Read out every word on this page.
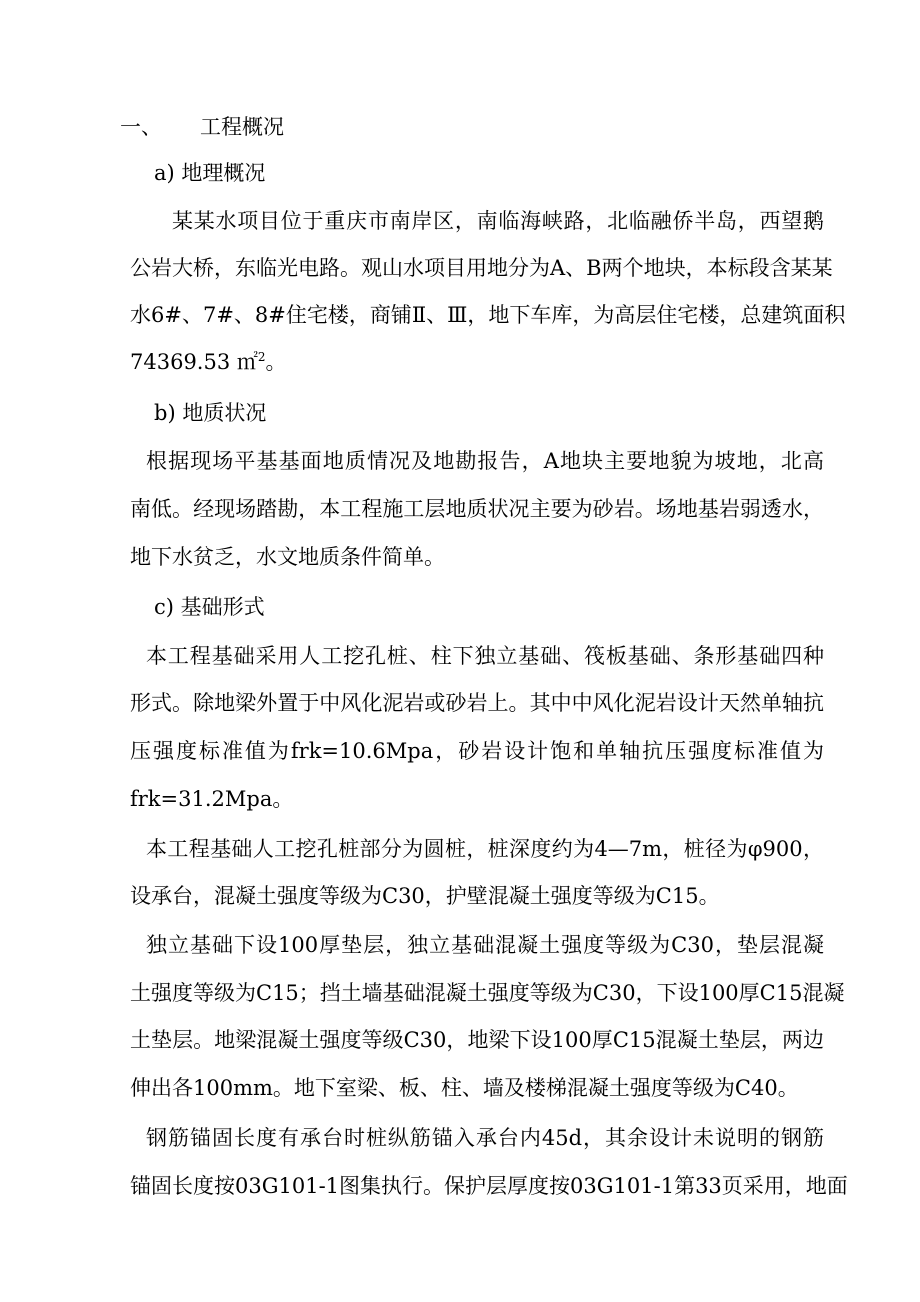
一、 工程概况
a) 地理概况
某某水项目位于重庆市南岸区，南临海峡路，北临融侨半岛，西望鹅
公岩大桥，东临光电路。观山水项目用地分为A、B两个地块，本标段含某某
水6#、7#、8#住宅楼，商铺Ⅱ、Ⅲ，地下车库，为高层住宅楼，总建筑面积
74369.53 ㎡$^2$。
b) 地质状况
根据现场平基基面地质情况及地勘报告，A地块主要地貌为坡地，北高
南低。经现场踏勘，本工程施工层地质状况主要为砂岩。场地基岩弱透水，
地下水贫乏，水文地质条件简单。
c) 基础形式
本工程基础采用人工挖孔桩、柱下独立基础、筏板基础、条形基础四种
形式。除地梁外置于中风化泥岩或砂岩上。其中中风化泥岩设计天然单轴抗
压强度标准值为frk=10.6Mpa，砂岩设计饱和单轴抗压强度标准值为
frk=31.2Mpa。
本工程基础人工挖孔桩部分为圆桩，桩深度约为4—7m，桩径为φ900，
设承台，混凝土强度等级为C30，护壁混凝土强度等级为C15。
独立基础下设100厚垫层，独立基础混凝土强度等级为C30，垫层混凝
土强度等级为C15；挡土墙基础混凝土强度等级为C30，下设100厚C15混凝
土垫层。地梁混凝土强度等级C30，地梁下设100厚C15混凝土垫层，两边
伸出各100mm。地下室梁、板、柱、墙及楼梯混凝土强度等级为C40。
钢筋锚固长度有承台时桩纵筋锚入承台内45d，其余设计未说明的钢筋
锚固长度按03G101-1图集执行。保护层厚度按03G101-1第33页采用，地面
